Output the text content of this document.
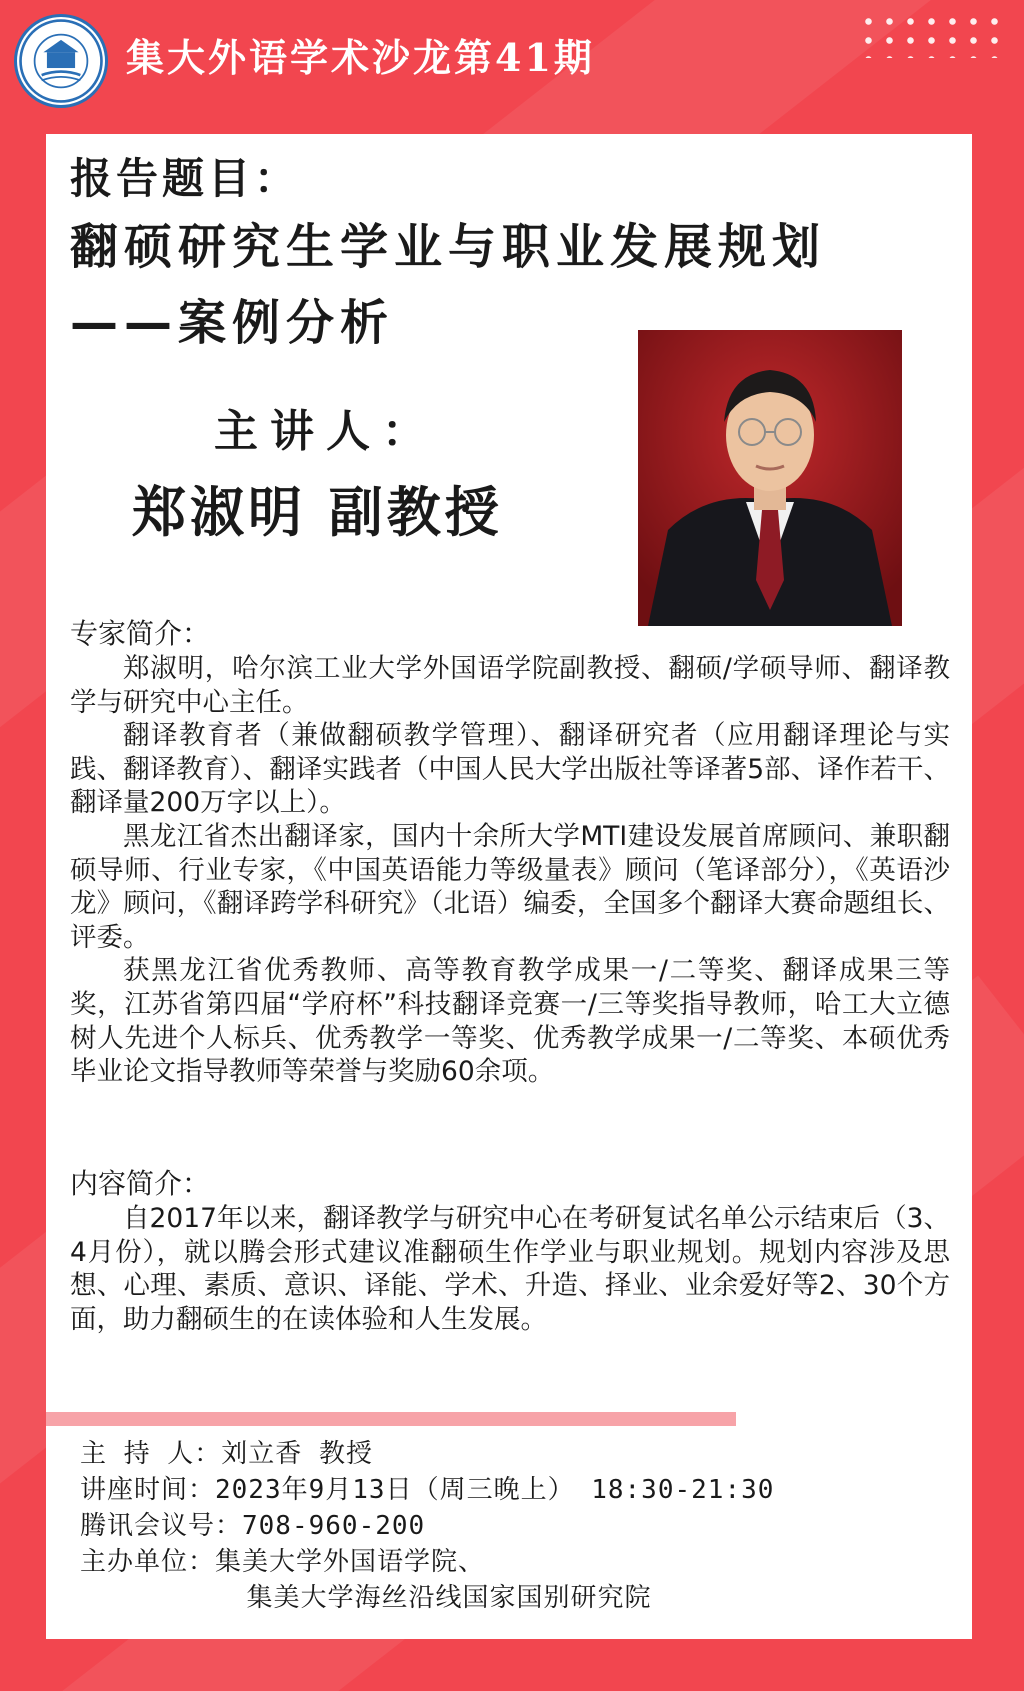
集大外语学术沙龙第41期
报告题目：
翻硕研究生学业与职业发展规划
——案例分析
主讲人：
郑淑明 副教授
专家简介：

郑淑明，哈尔滨工业大学外国语学院副教授、翻硕/学硕导师、翻译教学与研究中心主任。

翻译教育者（兼做翻硕教学管理）、翻译研究者（应用翻译理论与实践、翻译教育）、翻译实践者（中国人民大学出版社等译著5部、译作若干、翻译量200万字以上）。

黑龙江省杰出翻译家，国内十余所大学MTI建设发展首席顾问、兼职翻硕导师、行业专家，《中国英语能力等级量表》顾问（笔译部分），《英语沙龙》顾问，《翻译跨学科研究》（北语）编委，全国多个翻译大赛命题组长、评委。

获黑龙江省优秀教师、高等教育教学成果一/二等奖、翻译成果三等奖，江苏省第四届“学府杯”科技翻译竞赛一/三等奖指导教师，哈工大立德树人先进个人标兵、优秀教学一等奖、优秀教学成果一/二等奖、本硕优秀毕业论文指导教师等荣誉与奖励60余项。

内容简介：

自2017年以来，翻译教学与研究中心在考研复试名单公示结束后（3、4月份），就以腾会形式建议准翻硕生作学业与职业规划。规划内容涉及思想、心理、素质、意识、译能、学术、升造、择业、业余爱好等2、30个方面，助力翻硕生的在读体验和人生发展。

主 持 人：刘立香 教授
讲座时间：2023年9月13日（周三晚上） 18:30-21:30
腾讯会议号：708-960-200
主办单位：集美大学外国语学院、
集美大学海丝沿线国家国别研究院
